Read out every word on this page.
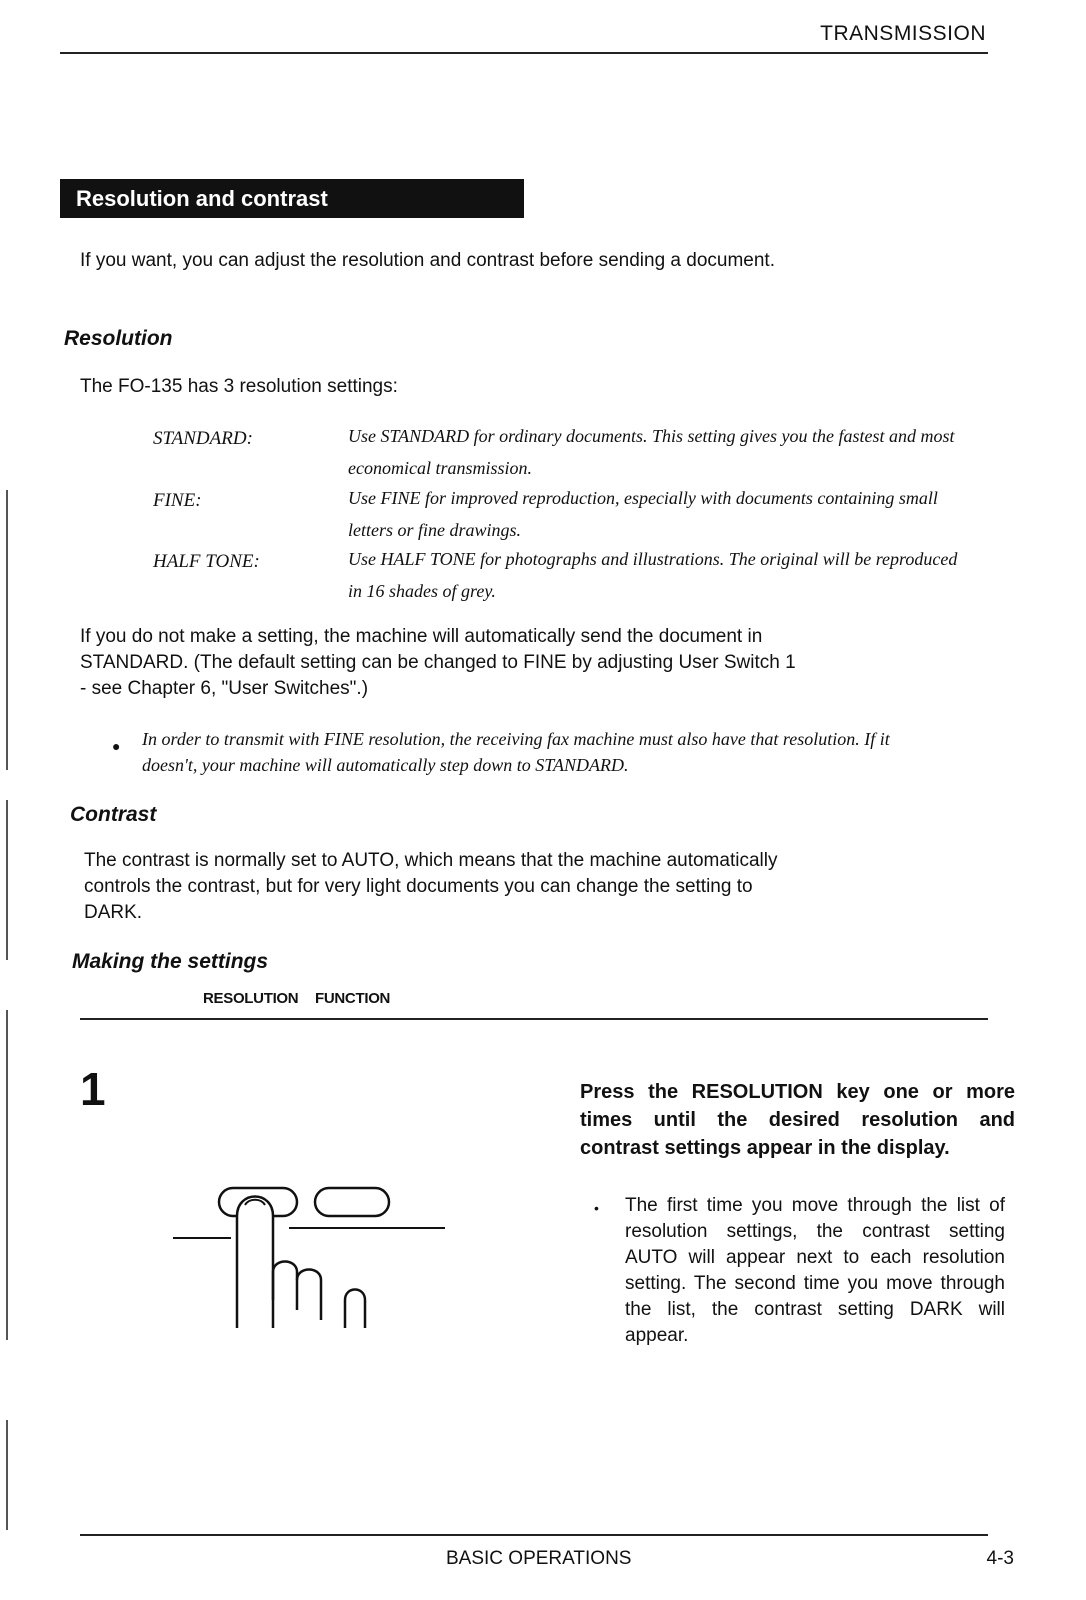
TRANSMISSION
Resolution and contrast
If you want, you can adjust the resolution and contrast before sending a document.
Resolution
The FO-135 has 3 resolution settings:
STANDARD:	Use STANDARD for ordinary documents. This setting gives you the fastest and most economical transmission.
FINE:	Use FINE for improved reproduction, especially with documents containing small letters or fine drawings.
HALF TONE:	Use HALF TONE for photographs and illustrations. The original will be reproduced in 16 shades of grey.
If you do not make a setting, the machine will automatically send the document in STANDARD. (The default setting can be changed to FINE by adjusting User Switch 1 - see Chapter 6, "User Switches".)
● In order to transmit with FINE resolution, the receiving fax machine must also have that resolution. If it doesn't, your machine will automatically step down to STANDARD.
Contrast
The contrast is normally set to AUTO, which means that the machine automatically controls the contrast, but for very light documents you can change the setting to DARK.
Making the settings
1
RESOLUTION FUNCTION
Press the RESOLUTION key one or more times until the desired resolution and contrast settings appear in the display.
• The first time you move through the list of resolution settings, the contrast setting AUTO will appear next to each resolution setting. The second time you move through the list, the contrast setting DARK will appear.
BASIC OPERATIONS	4-3
